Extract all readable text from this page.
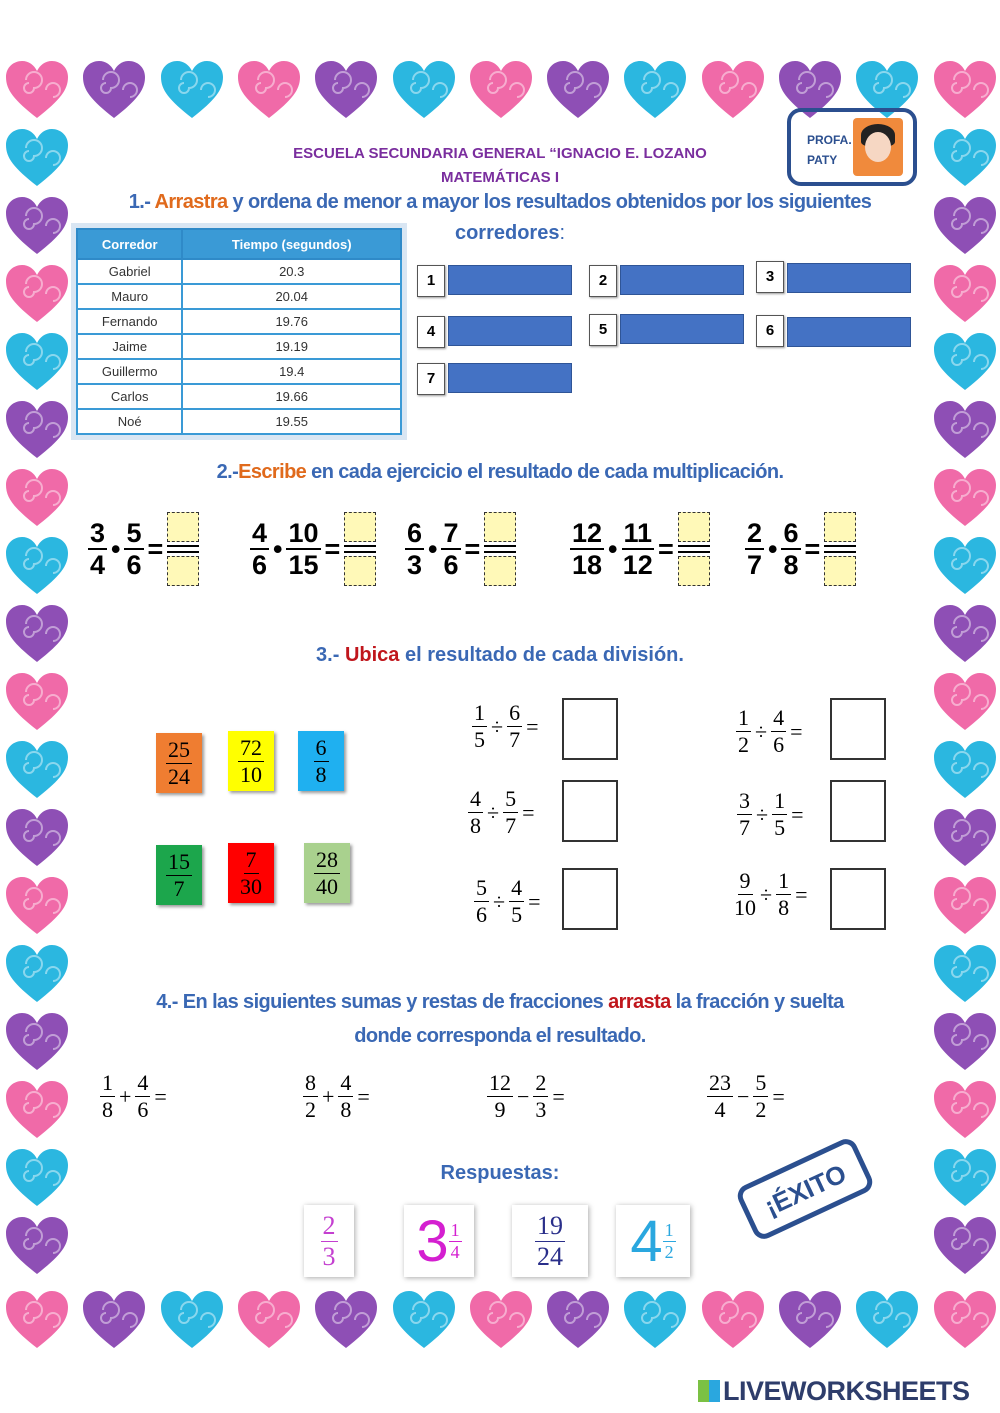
ESCUELA SECUNDARIA GENERAL “IGNACIO E. LOZANO
MATEMÁTICAS I
PROFA.
PATY
1.- Arrastra y ordena de menor a mayor los resultados obtenidos por los siguientes
corredores:
Corredor	Tiempo (segundos)
Gabriel	20.3
Mauro	20.04
Fernando	19.76
Jaime	19.19
Guillermo	19.4
Carlos	19.66
Noé	19.55
2.-Escribe en cada ejercicio el resultado de cada multiplicación.
3.- Ubica el resultado de cada división.
4.- En las siguientes sumas y restas de fracciones arrasta la fracción y suelta
donde corresponda el resultado.
Respuestas:	¡ÉXITO
LIVEWORKSHEETS
1	2	3
4	5	6
7
$\frac{3}{4}$ • $\frac{5}{6}$ =	$\frac{4}{6}$ • $\frac{10}{15} = \frac{6}{3}$ • $\frac{7}{6}$ =	$\frac{12}{18}$ • $\frac{11}{12}$ =	$\frac{2}{7}$ • $\frac{6}{8}$ =
$\frac{25}{24} \frac{72}{10} \frac{6}{8}$
$\frac{15}{7} \frac{7}{30} \frac{28}{40}$
$\frac{1}{5} \div \frac{6}{7}$ =	$\frac{1}{2} \div \frac{4}{6}$ =
$\frac{4}{8} \div \frac{5}{7}$ =	$\frac{3}{7} \div \frac{1}{5}$ =
$\frac{5}{6} \div \frac{4}{5}$ =	$\frac{9}{10} \div \frac{1}{8}$ =
$\frac{1}{8} + \frac{4}{6}$ =	$\frac{8}{2} + \frac{4}{8}$ =	$\frac{12}{9} - \frac{2}{3}$ =	$\frac{23}{4} - \frac{5}{2}$ =
$\frac{2}{3} 3 \frac{1}{4}$	$\frac{19}{24} 4 \frac{1}{2}$
